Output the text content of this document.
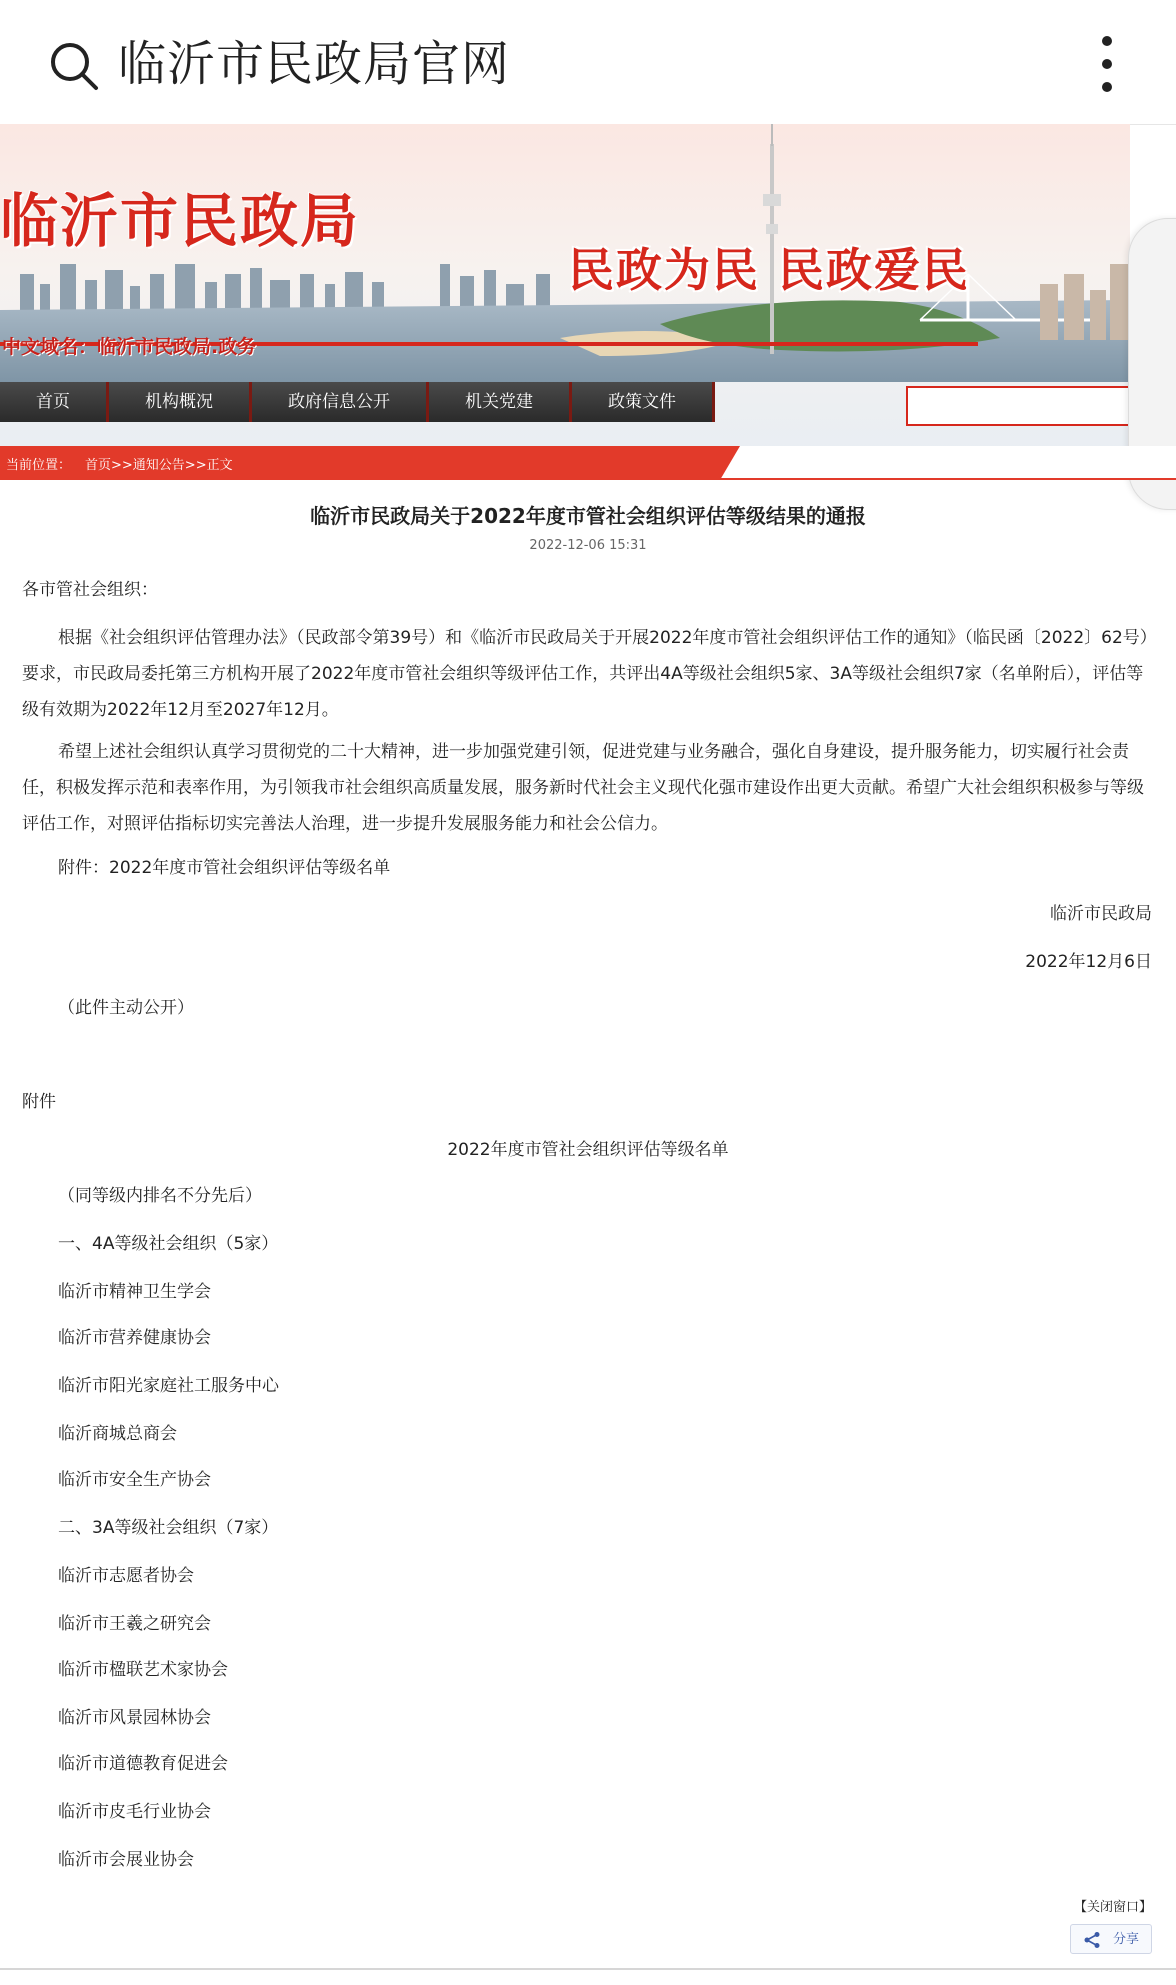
临沂市民政局官网
临沂市民政局
民政为民 民政爱民
中文域名：临沂市民政局.政务
首页	机构概况	政府信息公开	机关党建	政策文件
当前位置： 首页>>通知公告>>正文
临沂市民政局关于2022年度市管社会组织评估等级结果的通报
2022-12-06 15:31
各市管社会组织：
根据《社会组织评估管理办法》（民政部令第39号）和《临沂市民政局关于开展2022年度市管社会组织评估工作的通知》（临民函〔2022〕62号）要求，市民政局委托第三方机构开展了2022年度市管社会组织等级评估工作，共评出4A等级社会组织5家、3A等级社会组织7家（名单附后），评估等级有效期为2022年12月至2027年12月。
希望上述社会组织认真学习贯彻党的二十大精神，进一步加强党建引领，促进党建与业务融合，强化自身建设，提升服务能力，切实履行社会责任，积极发挥示范和表率作用，为引领我市社会组织高质量发展，服务新时代社会主义现代化强市建设作出更大贡献。希望广大社会组织积极参与等级评估工作，对照评估指标切实完善法人治理，进一步提升发展服务能力和社会公信力。
附件：2022年度市管社会组织评估等级名单
临沂市民政局
2022年12月6日
（此件主动公开）
附件
2022年度市管社会组织评估等级名单
（同等级内排名不分先后）
一、4A等级社会组织（5家）
临沂市精神卫生学会
临沂市营养健康协会
临沂市阳光家庭社工服务中心
临沂商城总商会
临沂市安全生产协会
二、3A等级社会组织（7家）
临沂市志愿者协会
临沂市王羲之研究会
临沂市楹联艺术家协会
临沂市风景园林协会
临沂市道德教育促进会
临沂市皮毛行业协会
临沂市会展业协会
【关闭窗口】
分享
